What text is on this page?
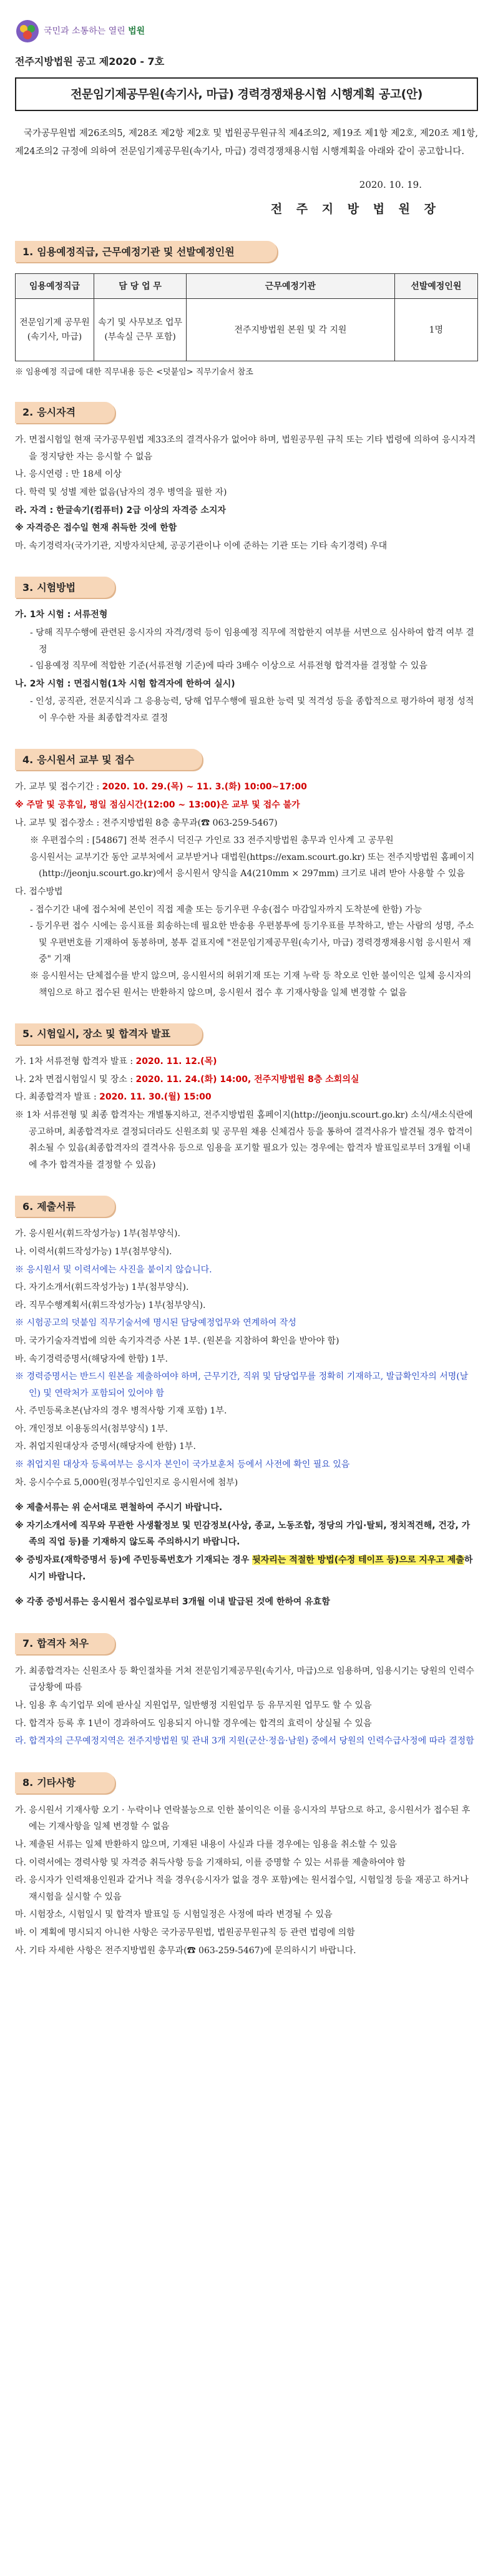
국민과 소통하는 열린 법원
전주지방법원 공고 제2020 - 7호
전문임기제공무원(속기사, 마급) 경력경쟁채용시험 시행계획 공고(안)

국가공무원법 제26조의5, 제28조 제2항 제2호 및 법원공무원규칙 제4조의2, 제19조 제1항 제2호, 제20조 제1항, 제24조의2 규정에 의하여 전문임기제공무원(속기사, 마급) 경력경쟁채용시험 시행계획을 아래와 같이 공고합니다.

2020. 10. 19.
전 주 지 방 법 원 장
1. 임용예정직급, 근무예정기관 및 선발예정인원
임용예정직급	담 당 업 무	근무예정기관	선발예정인원
전문임기제 공무원 (속기사, 마급)	속기 및 사무보조 업무 (부속실 근무 포함)	전주지방법원 본원 및 각 지원	1명
※ 임용예정 직급에 대한 직무내용 등은 <덧붙임> 직무기술서 참조
2. 응시자격
가. 면접시험일 현재 국가공무원법 제33조의 결격사유가 없어야 하며, 법원공무원 규칙 또는 기타 법령에 의하여 응시자격을 정지당한 자는 응시할 수 없음
나. 응시연령 : 만 18세 이상
다. 학력 및 성별 제한 없음(남자의 경우 병역을 필한 자)
라. 자격 : 한글속기(컴퓨터) 2급 이상의 자격증 소지자
※ 자격증은 접수일 현재 취득한 것에 한함
마. 속기경력자(국가기관, 지방자치단체, 공공기관이나 이에 준하는 기관 또는 기타 속기경력) 우대
3. 시험방법
가. 1차 시험 : 서류전형
- 당해 직무수행에 관련된 응시자의 자격/경력 등이 임용예정 직무에 적합한지 여부를 서면으로 심사하여 합격 여부 결정
- 임용예정 직무에 적합한 기준(서류전형 기준)에 따라 3배수 이상으로 서류전형 합격자를 결정할 수 있음
나. 2차 시험 : 면접시험(1차 시험 합격자에 한하여 실시)
- 인성, 공직관, 전문지식과 그 응용능력, 당해 업무수행에 필요한 능력 및 적격성 등을 종합적으로 평가하여 평정 성적이 우수한 자를 최종합격자로 결정
4. 응시원서 교부 및 접수
가. 교부 및 접수기간 : 2020. 10. 29.(목) ~ 11. 3.(화) 10:00~17:00
※ 주말 및 공휴일, 평일 점심시간(12:00 ~ 13:00)은 교부 및 접수 불가
나. 교부 및 접수장소 : 전주지방법원 8층 총무과(☎ 063-259-5467)
※ 우편접수의 : [54867] 전북 전주시 덕진구 가인로 33 전주지방법원 총무과 인사계 고 공무원
응시원서는 교부기간 동안 교부처에서 교부받거나 대법원(https://exam.scourt.go.kr) 또는 전주지방법원 홈페이지(http://jeonju.scourt.go.kr)에서 응시원서 양식을 A4(210mm × 297mm) 크기로 내려 받아 사용할 수 있음
다. 접수방법
- 접수기간 내에 접수처에 본인이 직접 제출 또는 등기우편 우송(접수 마감일자까지 도착분에 한함) 가능
- 등기우편 접수 시에는 응시표를 회송하는데 필요한 반송용 우편봉투에 등기우표를 부착하고, 받는 사람의 성명, 주소 및 우편번호를 기재하여 동봉하며, 봉투 겉표지에 "전문임기제공무원(속기사, 마급) 경력경쟁채용시험 응시원서 재중" 기재
※ 응시원서는 단체접수를 받지 않으며, 응시원서의 허위기재 또는 기재 누락 등 착오로 인한 불이익은 일체 응시자의 책임으로 하고 접수된 원서는 반환하지 않으며, 응시원서 접수 후 기재사항을 일체 변경할 수 없음
5. 시험일시, 장소 및 합격자 발표
가. 1차 서류전형 합격자 발표 : 2020. 11. 12.(목)
나. 2차 면접시험일시 및 장소 : 2020. 11. 24.(화) 14:00, 전주지방법원 8층 소회의실
다. 최종합격자 발표 : 2020. 11. 30.(월) 15:00
※ 1차 서류전형 및 최종 합격자는 개별통지하고, 전주지방법원 홈페이지(http://jeonju.scourt.go.kr) 소식/새소식란에 공고하며, 최종합격자로 결정되더라도 신원조회 및 공무원 채용 신체검사 등을 통하여 결격사유가 발견될 경우 합격이 취소될 수 있음(최종합격자의 결격사유 등으로 임용을 포기할 필요가 있는 경우에는 합격자 발표일로부터 3개월 이내에 추가 합격자를 결정할 수 있음)
6. 제출서류
가. 응시원서(휘드작성가능) 1부(첨부양식).
나. 이력서(휘드작성가능) 1부(첨부양식).
※ 응시원서 및 이력서에는 사진을 붙이지 않습니다.
다. 자기소개서(휘드작성가능) 1부(첨부양식).
라. 직무수행계획서(휘드작성가능) 1부(첨부양식).
※ 시험공고의 덧붙임 직무기술서에 명시된 담당예정업무와 연계하여 작성
마. 국가기술자격법에 의한 속기자격증 사본 1부. (원본을 지참하여 확인을 받아야 함)
바. 속기경력증명서(해당자에 한함) 1부.
※ 경력증명서는 반드시 원본을 제출하여야 하며, 근무기간, 직위 및 담당업무를 정확히 기재하고, 발급확인자의 서명(날인) 및 연락처가 포함되어 있어야 함
사. 주민등록초본(남자의 경우 병적사항 기재 포함) 1부.
아. 개인정보 이용동의서(첨부양식) 1부.
자. 취업지원대상자 증명서(해당자에 한함) 1부.
※ 취업지원 대상자 등록여부는 응시자 본인이 국가보훈처 등에서 사전에 확인 필요 있음
차. 응시수수료 5,000원(정부수입인지로 응시원서에 첨부)
※ 제출서류는 위 순서대로 편철하여 주시기 바랍니다.
※ 자기소개서에 직무와 무관한 사생활정보 및 민감정보(사상, 종교, 노동조합, 정당의 가입·탈퇴, 정치적견해, 건강, 가족의 직업 등)를 기재하지 않도록 주의하시기 바랍니다.
※ 증빙자료(재학증명서 등)에 주민등록번호가 기재되는 경우 뒷자리는 적절한 방법(수정 테이프 등)으로 지우고 제출하시기 바랍니다.
※ 각종 증빙서류는 응시원서 접수일로부터 3개월 이내 발급된 것에 한하여 유효함
7. 합격자 처우
가. 최종합격자는 신원조사 등 확인절차를 거쳐 전문임기제공무원(속기사, 마급)으로 임용하며, 임용시기는 당원의 인력수급상황에 따름
나. 임용 후 속기업무 외에 판사실 지원업무, 일반행정 지원업무 등 유무지원 업무도 할 수 있음
다. 합격자 등록 후 1년이 경과하여도 임용되지 아니할 경우에는 합격의 효력이 상실될 수 있음
라. 합격자의 근무예정지역은 전주지방법원 및 관내 3개 지원(군산·정읍·남원) 중에서 당원의 인력수급사정에 따라 결정함
8. 기타사항
가. 응시원서 기재사항 오기 · 누락이나 연락불능으로 인한 불이익은 이를 응시자의 부담으로 하고, 응시원서가 접수된 후에는 기재사항을 일체 변경할 수 없음
나. 제출된 서류는 일체 반환하지 않으며, 기재된 내용이 사실과 다를 경우에는 임용을 취소할 수 있음
다. 이력서에는 경력사항 및 자격증 취득사항 등을 기재하되, 이를 증명할 수 있는 서류를 제출하여야 함
라. 응시자가 인력채용인원과 같거나 적을 경우(응시자가 없을 경우 포함)에는 원서접수일, 시험일정 등을 재공고 하거나 재시험을 실시할 수 있음
마. 시험장소, 시험일시 및 합격자 발표일 등 시험일정은 사정에 따라 변경될 수 있음
바. 이 계획에 명시되지 아니한 사항은 국가공무원법, 법원공무원규칙 등 관련 법령에 의함
사. 기타 자세한 사항은 전주지방법원 총무과(☎ 063-259-5467)에 문의하시기 바랍니다.
